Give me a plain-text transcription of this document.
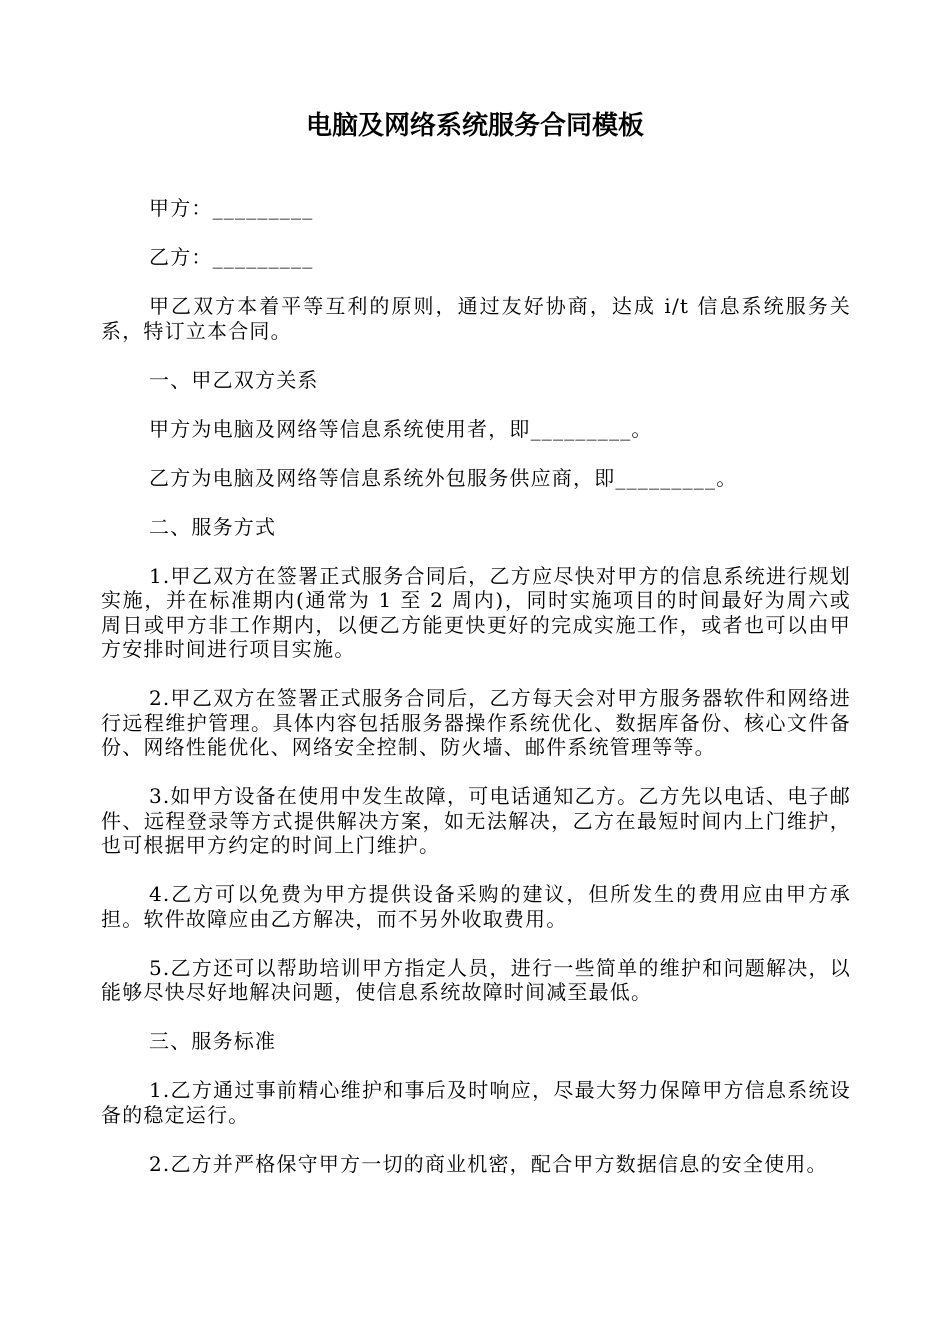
电脑及网络系统服务合同模板

甲方：_________

乙方：_________

甲乙双方本着平等互利的原则，通过友好协商，达成 i/t 信息系统服务关系，特订立本合同。

一、甲乙双方关系

甲方为电脑及网络等信息系统使用者，即_________。

乙方为电脑及网络等信息系统外包服务供应商，即_________。

二、服务方式

1.甲乙双方在签署正式服务合同后，乙方应尽快对甲方的信息系统进行规划实施，并在标准期内(通常为 1 至 2 周内)，同时实施项目的时间最好为周六或周日或甲方非工作期内，以便乙方能更快更好的完成实施工作，或者也可以由甲方安排时间进行项目实施。

2.甲乙双方在签署正式服务合同后，乙方每天会对甲方服务器软件和网络进行远程维护管理。具体内容包括服务器操作系统优化、数据库备份、核心文件备份、网络性能优化、网络安全控制、防火墙、邮件系统管理等等。

3.如甲方设备在使用中发生故障，可电话通知乙方。乙方先以电话、电子邮件、远程登录等方式提供解决方案，如无法解决，乙方在最短时间内上门维护，也可根据甲方约定的时间上门维护。

4.乙方可以免费为甲方提供设备采购的建议，但所发生的费用应由甲方承担。软件故障应由乙方解决，而不另外收取费用。

5.乙方还可以帮助培训甲方指定人员，进行一些简单的维护和问题解决，以能够尽快尽好地解决问题，使信息系统故障时间减至最低。

三、服务标准

1.乙方通过事前精心维护和事后及时响应，尽最大努力保障甲方信息系统设备的稳定运行。

2.乙方并严格保守甲方一切的商业机密，配合甲方数据信息的安全使用。
